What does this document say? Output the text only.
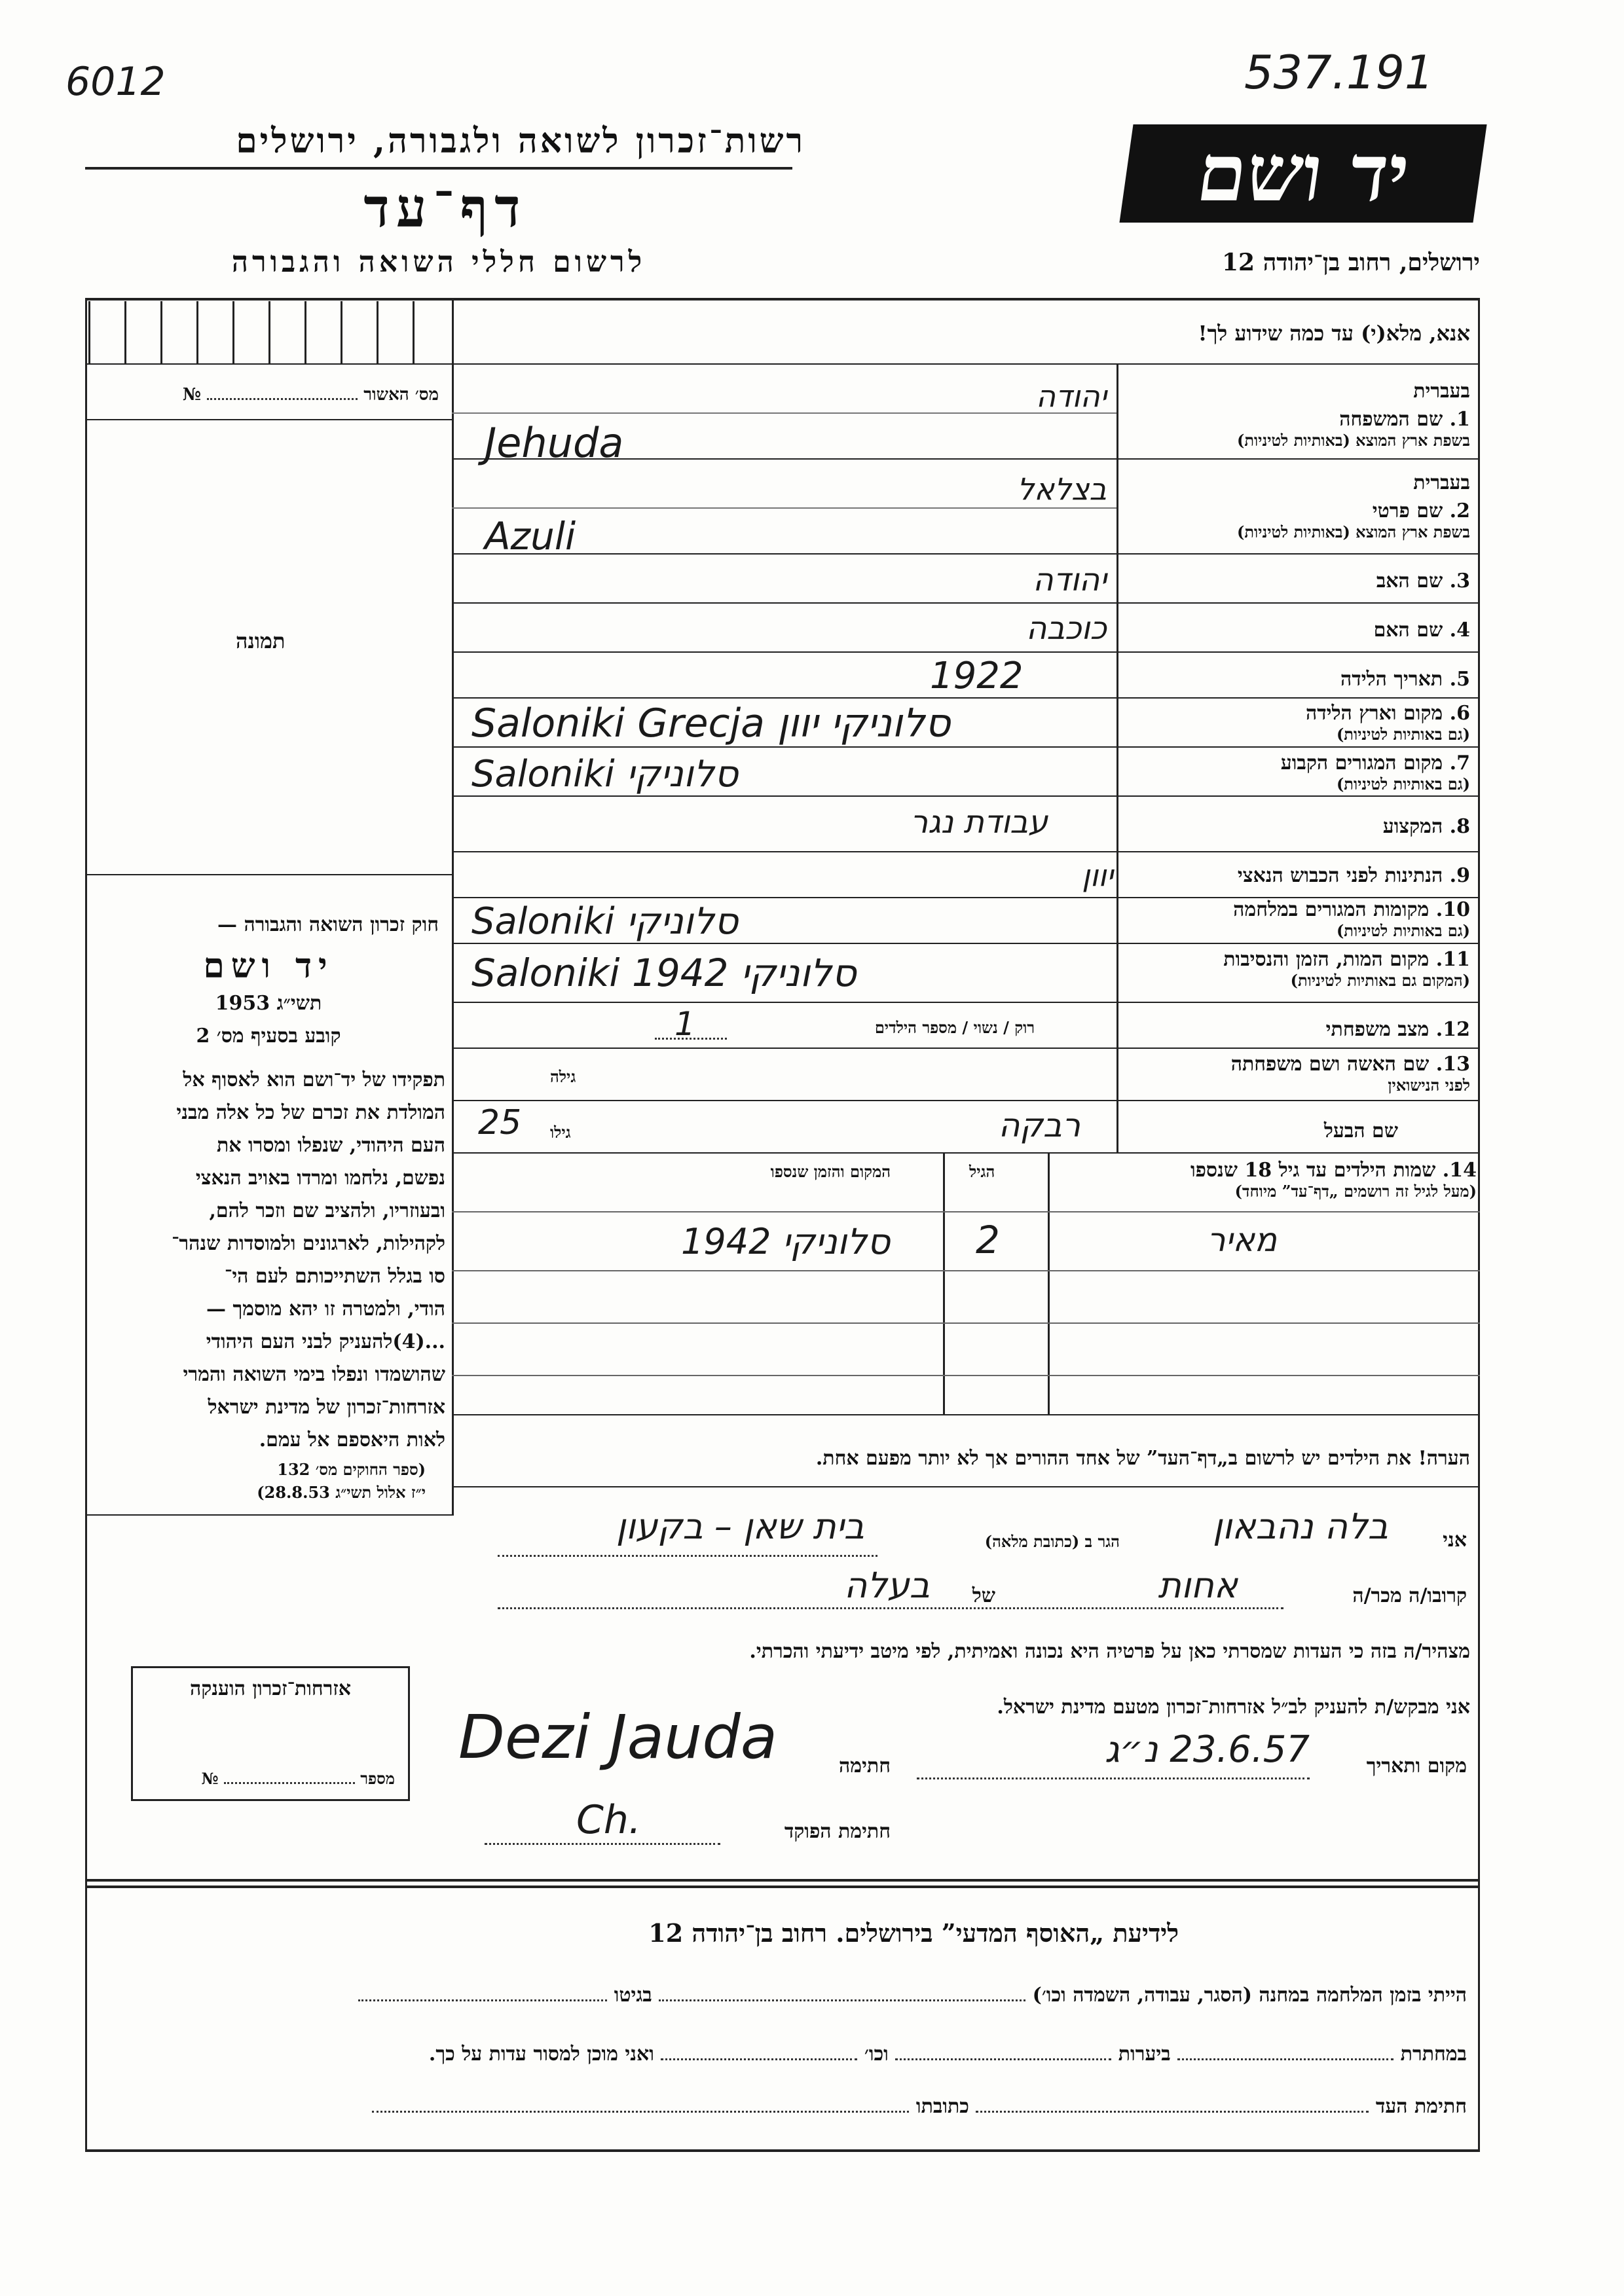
6012	537.191
רשות־זכרון לשואה ולגבורה, ירושלים
דף־עד
לרשום חללי השואה והגבורה
יד ושם
ירושלים, רחוב בן־יהודה 12
אנא, מלא(י) עד כמה שידוע לך!
מס׳ האשור  №
תמונה
חוק זכרון השואה והגבורה —
יד ושם
תשי״ג 1953
קובע בסעיף מס׳ 2
תפקידו של יד־ושם הוא לאסוף אל
המולדת את זכרם של כל אלה מבני
העם היהודי, שנפלו ומסרו את
נפשם, נלחמו ומרדו באויב הנאצי
ובעוזריו, ולהציב שם וזכר להם,
לקהילות, לארגונים ולמוסדות שנהר־
סו בגלל השתייכותם לעם הי־
הודי, ולמטרה זו יהא מוסמך —
...(4)להעניק לבני העם היהודי
שהושמדו ונפלו בימי השואה והמרי
אזרחות־זכרון של מדינת ישראל
לאות היאספם אל עמם.
(ספר החוקים מס׳ 132
י״ז אלול תשי״ג 28.8.53)
בעברית
1. שם המשפחה
בשפת ארץ המוצא (באותיות לטיניות)
יהודה
Jehuda
בעברית
2. שם פרטי
בשפת ארץ המוצא (באותיות לטיניות)
בצלאל
Azuli
3. שם האב
יהודה
4. שם האם
כוכבה
5. תאריך הלידה
1922
6. מקום וארץ הלידה
(גם באותיות לטיניות)
Saloniki Grecja סלוניקי יוון
7. מקום המגורים הקבוע
(גם באותיות לטיניות)
Saloniki סלוניקי
8. המקצוע
עבודת נגר
9. הנתינות לפני הכבוש הנאצי
יוון
10. מקומות המגורים במלחמה
(גם באותיות לטיניות)
Saloniki סלוניקי
11. מקום המות, הזמן והנסיבות
(המקום גם באותיות לטיניות)
Saloniki 1942 סלוניקי
12. מצב משפחתי
רוק / נשוי / מספר הילדים
1
13. שם האשה ושם משפחתה
לפני הנישואין
גילה
שם הבעל
גילו
25	רבקה
14. שמות הילדים עד גיל 18 שנספו
(מעל לגיל זה רושמים „דף־עד” מיוחד)
הגיל
המקום והזמן שנספו
מאיר
2
1942 סלוניקי
הערה! את הילדים יש לרשום ב„דף־העד” של אחד ההורים אך לא יותר מפעם אחת.
אני
בלה נהבאון
הגר ב (כתובת מלאה)
בית שאן – בקעון
קרובו/ה מכר/ה
אחות
של
בעלה
מצהיר/ה בזה כי העדות שמסרתי כאן על פרטיה היא נכונה ואמיתית, לפי מיטב ידיעתי והכרתי.
אני מבקש/ת להעניק לב״ל אזרחות־זכרון מטעם מדינת ישראל.
מקום ותאריך
23.6.57 נ״ג
חתימה
Dezi Jauda
חתימת הפוקד
Ch.
אזרחות־זכרון הוענקה
מספר  №
לידיעת „האוסף המדעי” בירושלים. רחוב בן־יהודה 12
הייתי בזמן המלחמה במחנה (הסגר, עבודה, השמדה וכו׳)  בגיטו
במחתרת  ביערות  וכו׳  ואני מוכן למסור עדות על כך.
חתימת העד  כתובתו
